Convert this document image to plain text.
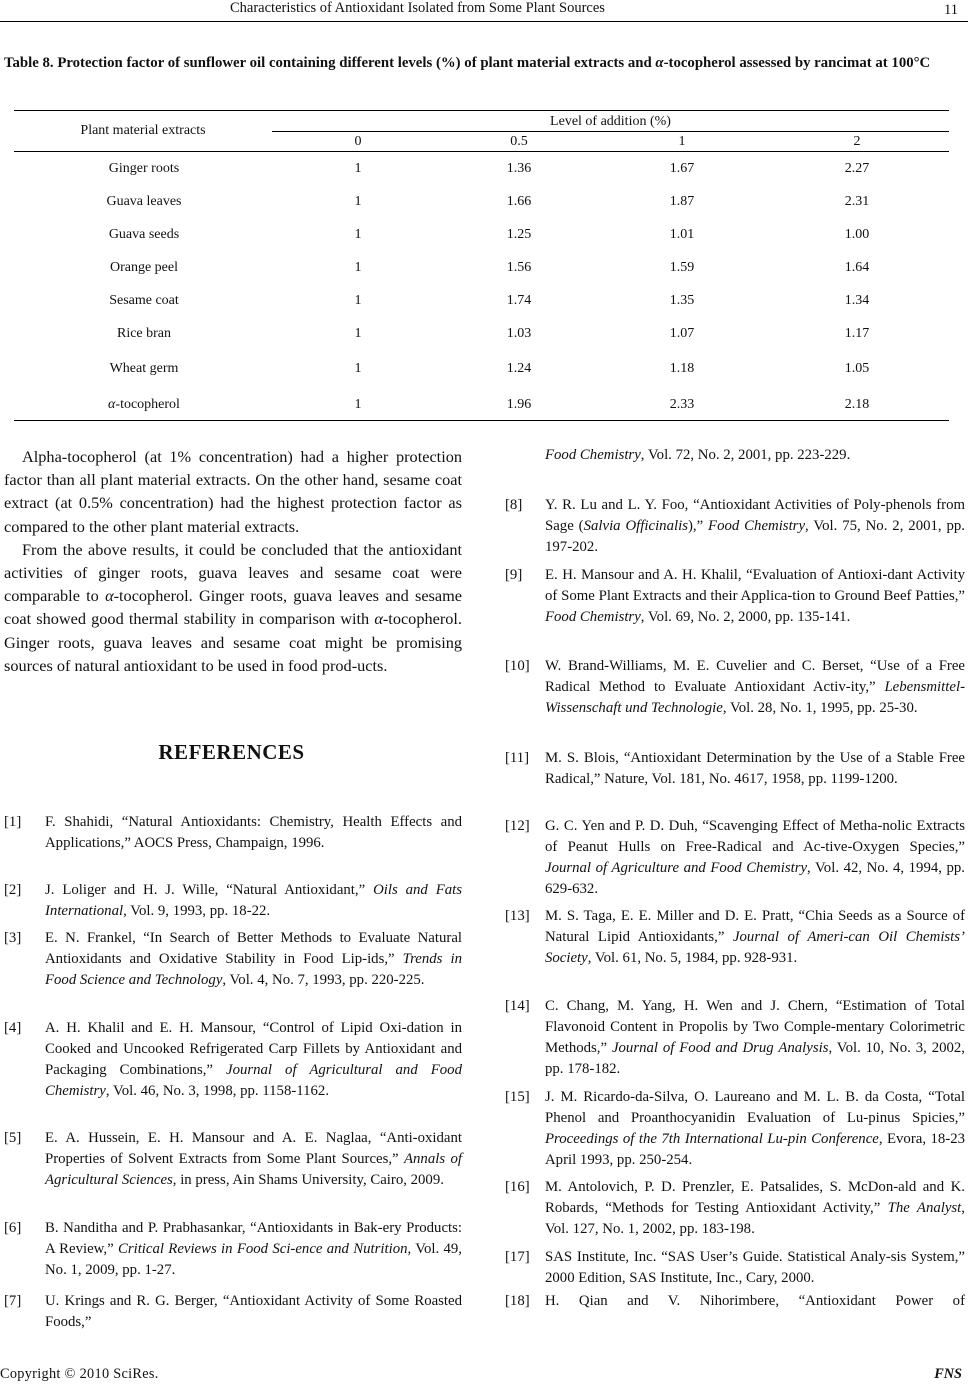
Characteristics of Antioxidant Isolated from Some Plant Sources	11
Table 8. Protection factor of sunflower oil containing different levels (%) of plant material extracts and α-tocopherol assessed by rancimat at 100°C
Plant material extracts
Level of addition (%)
0	0.5	1	2
Ginger roots	1	1.36	1.67	2.27
Guava leaves	1	1.66	1.87	2.31
Guava seeds	1	1.25	1.01	1.00
Orange peel	1	1.56	1.59	1.64
Sesame coat	1	1.74	1.35	1.34
Rice bran	1	1.03	1.07	1.17
Wheat germ	1	1.24	1.18	1.05
α-tocopherol	1	1.96	2.33	2.18

Alpha-tocopherol (at 1% concentration) had a higher protection factor than all plant material extracts. On the other hand, sesame coat extract (at 0.5% concentration) had the highest protection factor as compared to the other plant material extracts.

From the above results, it could be concluded that the antioxidant activities of ginger roots, guava leaves and sesame coat were comparable to α-tocopherol. Ginger roots, guava leaves and sesame coat showed good thermal stability in comparison with α-tocopherol. Ginger roots, guava leaves and sesame coat might be promising sources of natural antioxidant to be used in food prod-ucts.

REFERENCES
[1] F. Shahidi, “Natural Antioxidants: Chemistry, Health Effects and Applications,” AOCS Press, Champaign, 1996.
[2] J. Loliger and H. J. Wille, “Natural Antioxidant,” Oils and Fats International, Vol. 9, 1993, pp. 18-22.
[3] E. N. Frankel, “In Search of Better Methods to Evaluate Natural Antioxidants and Oxidative Stability in Food Lip-ids,” Trends in Food Science and Technology, Vol. 4, No. 7, 1993, pp. 220-225.
[4] A. H. Khalil and E. H. Mansour, “Control of Lipid Oxi-dation in Cooked and Uncooked Refrigerated Carp Fillets by Antioxidant and Packaging Combinations,” Journal of Agricultural and Food Chemistry, Vol. 46, No. 3, 1998, pp. 1158-1162.
[5] E. A. Hussein, E. H. Mansour and A. E. Naglaa, “Anti-oxidant Properties of Solvent Extracts from Some Plant Sources,” Annals of Agricultural Sciences, in press, Ain Shams University, Cairo, 2009.
[6] B. Nanditha and P. Prabhasankar, “Antioxidants in Bak-ery Products: A Review,” Critical Reviews in Food Sci-ence and Nutrition, Vol. 49, No. 1, 2009, pp. 1-27.
[7] U. Krings and R. G. Berger, “Antioxidant Activity of Some Roasted Foods,”
Food Chemistry, Vol. 72, No. 2, 2001, pp. 223-229.
[8] Y. R. Lu and L. Y. Foo, “Antioxidant Activities of Poly-phenols from Sage (Salvia Officinalis),” Food Chemistry, Vol. 75, No. 2, 2001, pp. 197-202.
[9] E. H. Mansour and A. H. Khalil, “Evaluation of Antioxi-dant Activity of Some Plant Extracts and their Applica-tion to Ground Beef Patties,” Food Chemistry, Vol. 69, No. 2, 2000, pp. 135-141.
[10] W. Brand-Williams, M. E. Cuvelier and C. Berset, “Use of a Free Radical Method to Evaluate Antioxidant Activ-ity,” Lebensmittel-Wissenschaft und Technologie, Vol. 28, No. 1, 1995, pp. 25-30.
[11] M. S. Blois, “Antioxidant Determination by the Use of a Stable Free Radical,” Nature, Vol. 181, No. 4617, 1958, pp. 1199-1200.
[12] G. C. Yen and P. D. Duh, “Scavenging Effect of Metha-nolic Extracts of Peanut Hulls on Free-Radical and Ac-tive-Oxygen Species,” Journal of Agriculture and Food Chemistry, Vol. 42, No. 4, 1994, pp. 629-632.
[13] M. S. Taga, E. E. Miller and D. E. Pratt, “Chia Seeds as a Source of Natural Lipid Antioxidants,” Journal of Ameri-can Oil Chemists’ Society, Vol. 61, No. 5, 1984, pp. 928-931.
[14] C. Chang, M. Yang, H. Wen and J. Chern, “Estimation of Total Flavonoid Content in Propolis by Two Comple-mentary Colorimetric Methods,” Journal of Food and Drug Analysis, Vol. 10, No. 3, 2002, pp. 178-182.
[15] J. M. Ricardo-da-Silva, O. Laureano and M. L. B. da Costa, “Total Phenol and Proanthocyanidin Evaluation of Lu-pinus Spicies,” Proceedings of the 7th International Lu-pin Conference, Evora, 18-23 April 1993, pp. 250-254.
[16] M. Antolovich, P. D. Prenzler, E. Patsalides, S. McDon-ald and K. Robards, “Methods for Testing Antioxidant Activity,” The Analyst, Vol. 127, No. 1, 2002, pp. 183-198.
[17] SAS Institute, Inc. “SAS User’s Guide. Statistical Analy-sis System,” 2000 Edition, SAS Institute, Inc., Cary, 2000.
[18] H. Qian and V. Nihorimbere, “Antioxidant Power of
Copyright © 2010 SciRes.	FNS
